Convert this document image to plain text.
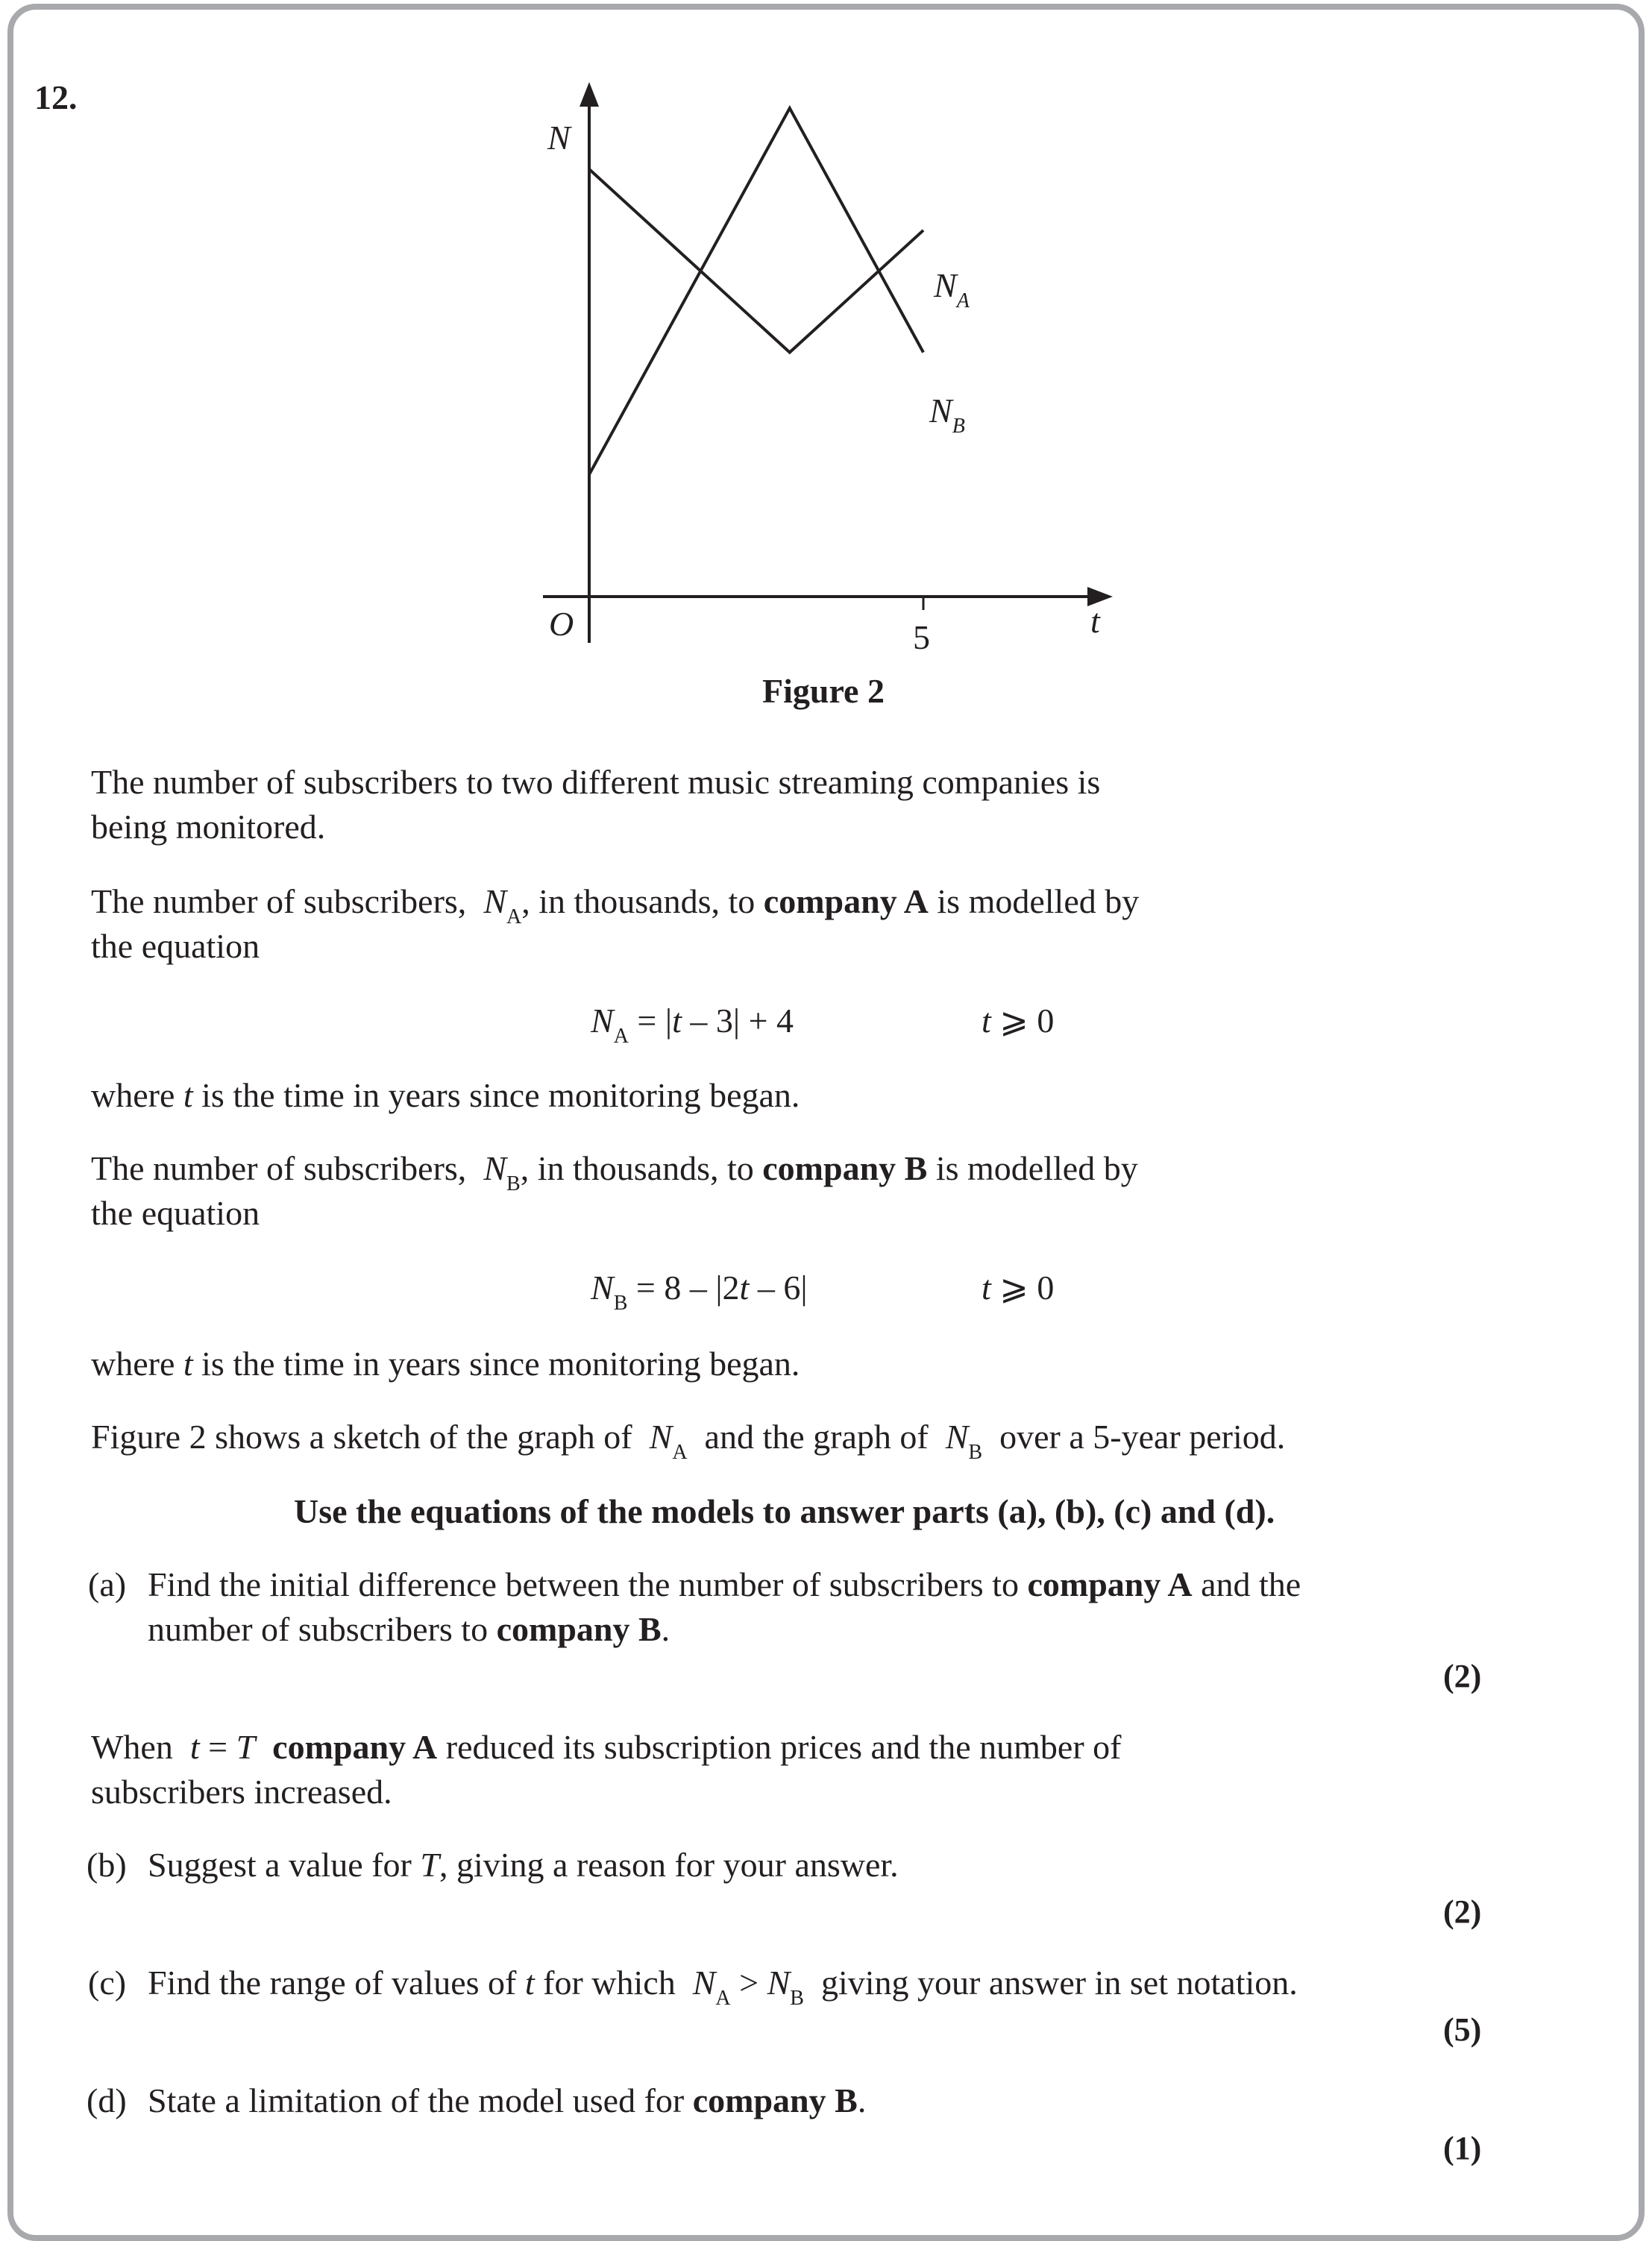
12.
N
t
O	5
$N_A$
$N_B$
Figure 2
The number of subscribers to two different music streaming companies is
being monitored.
The number of subscribers, $N_A$, in thousands, to company A is modelled by
the equation
$N_A = |t - 3| + 4$	t ⩾ 0
where t is the time in years since monitoring began.
The number of subscribers, $N_B$, in thousands, to company B is modelled by
the equation
$N_B = 8 - |2t - 6|$	t ⩾ 0
where t is the time in years since monitoring began.
Figure 2 shows a sketch of the graph of $N_A$ and the graph of $N_B$ over a 5-year period.
Use the equations of the models to answer parts (a), (b), (c) and (d).
(a) Find the initial difference between the number of subscribers to company A and the
number of subscribers to company B.
(2)
When t = T company A reduced its subscription prices and the number of
subscribers increased.
(b) Suggest a value for T, giving a reason for your answer.
(2)
(c) Find the range of values of t for which $N_A > N_B$ giving your answer in set notation.
(5)
(d) State a limitation of the model used for company B.
(1)
